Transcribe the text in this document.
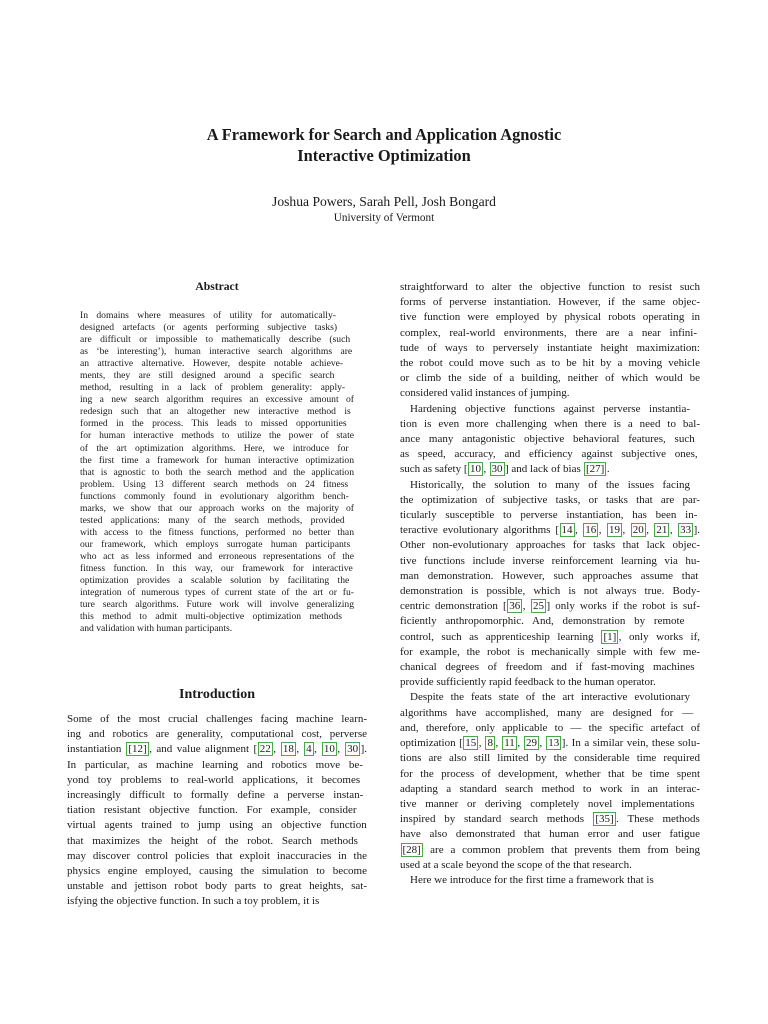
A Framework for Search and Application Agnostic
Interactive Optimization
Joshua Powers, Sarah Pell, Josh Bongard
University of Vermont
Abstract
In domains where measures of utility for automatically-
designed artefacts (or agents performing subjective tasks)
are difficult or impossible to mathematically describe (such
as ‘be interesting’), human interactive search algorithms are
an attractive alternative. However, despite notable achieve-
ments, they are still designed around a specific search
method, resulting in a lack of problem generality: apply-
ing a new search algorithm requires an excessive amount of
redesign such that an altogether new interactive method is
formed in the process. This leads to missed opportunities
for human interactive methods to utilize the power of state
of the art optimization algorithms. Here, we introduce for
the first time a framework for human interactive optimization
that is agnostic to both the search method and the application
problem. Using 13 different search methods on 24 fitness
functions commonly found in evolutionary algorithm bench-
marks, we show that our approach works on the majority of
tested applications: many of the search methods, provided
with access to the fitness functions, performed no better than
our framework, which employs surrogate human participants
who act as less informed and erroneous representations of the
fitness function. In this way, our framework for interactive
optimization provides a scalable solution by facilitating the
integration of numerous types of current state of the art or fu-
ture search algorithms. Future work will involve generalizing
this method to admit multi-objective optimization methods
and validation with human participants.

Introduction
Some of the most crucial challenges facing machine learn-
ing and robotics are generality, computational cost, perverse
instantiation [12] , and value alignment [ 22 , 18 , 4 , 10 , 30 ].
In particular, as machine learning and robotics move be-
yond toy problems to real-world applications, it becomes
increasingly difficult to formally define a perverse instan-
tiation resistant objective function. For example, consider
virtual agents trained to jump using an objective function
that maximizes the height of the robot. Search methods
may discover control policies that exploit inaccuracies in the
physics engine employed, causing the simulation to become
unstable and jettison robot body parts to great heights, sat-
isfying the objective function. In such a toy problem, it is

straightforward to alter the objective function to resist such
forms of perverse instantiation. However, if the same objec-
tive function were employed by physical robots operating in
complex, real-world environments, there are a near infini-
tude of ways to perversely instantiate height maximization:
the robot could move such as to be hit by a moving vehicle
or climb the side of a building, neither of which would be
considered valid instances of jumping.
Hardening objective functions against perverse instantia-
tion is even more challenging when there is a need to bal-
ance many antagonistic objective behavioral features, such
as speed, accuracy, and efficiency against subjective ones,
such as safety [ 10 , 30 ] and lack of bias [27] .
Historically, the solution to many of the issues facing
the optimization of subjective tasks, or tasks that are par-
ticularly susceptible to perverse instantiation, has been in-
teractive evolutionary algorithms [ 14 , 16 , 19 , 20 , 21 , 33 ].
Other non-evolutionary approaches for tasks that lack objec-
tive functions include inverse reinforcement learning via hu-
man demonstration. However, such approaches assume that
demonstration is possible, which is not always true. Body-
centric demonstration [ 36 , 25 ] only works if the robot is suf-
ficiently anthropomorphic. And, demonstration by remote
control, such as apprenticeship learning [1] , only works if,
for example, the robot is mechanically simple with few me-
chanical degrees of freedom and if fast-moving machines
provide sufficiently rapid feedback to the human operator.
Despite the feats state of the art interactive evolutionary
algorithms have accomplished, many are designed for —
and, therefore, only applicable to — the specific artefact of
optimization [ 15 , 8 , 11 , 29 , 13 ]. In a similar vein, these solu-
tions are also still limited by the considerable time required
for the process of development, whether that be time spent
adapting a standard search method to work in an interac-
tive manner or deriving completely novel implementations
inspired by standard search methods [35] . These methods
have also demonstrated that human error and user fatigue
[28] are a common problem that prevents them from being
used at a scale beyond the scope of the that research.
Here we introduce for the first time a framework that is
